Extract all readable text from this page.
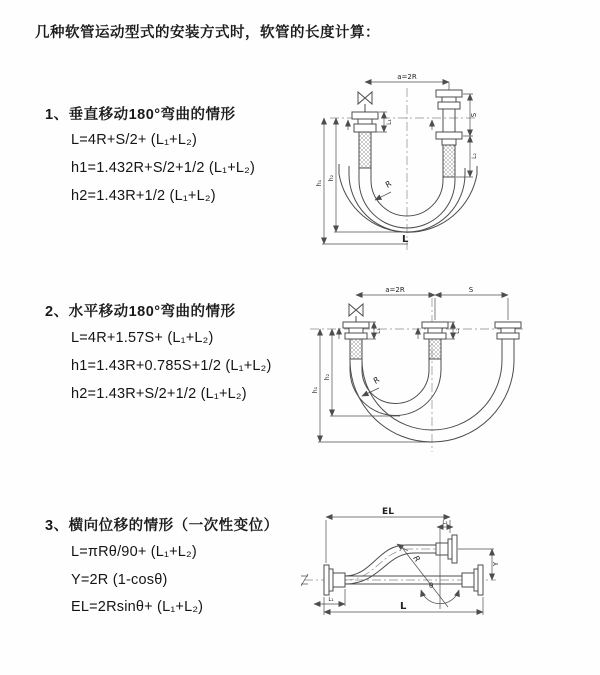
几种软管运动型式的安装方式时，软管的长度计算：
1、垂直移动180°弯曲的情形
L=4R+S/2+ (L₁+L₂)
h1=1.432R+S/2+1/2 (L₁+L₂)
h2=1.43R+1/2 (L₁+L₂)
2、水平移动180°弯曲的情形
L=4R+1.57S+ (L₁+L₂)
h1=1.43R+0.785S+1/2 (L₁+L₂)
h2=1.43R+S/2+1/2 (L₁+L₂)
3、横向位移的情形（一次性变位）
L=πRθ/90+ (L₁+L₂)
Y=2R (1-cosθ)
EL=2Rsinθ+ (L₁+L₂)
a=2R
h₁
h₂
L₁
S
L₂
R
L
a=2R	S
h₁
h₂
L₁	L₂
R
EL
L₂
Y
θ
R
L
L₁
